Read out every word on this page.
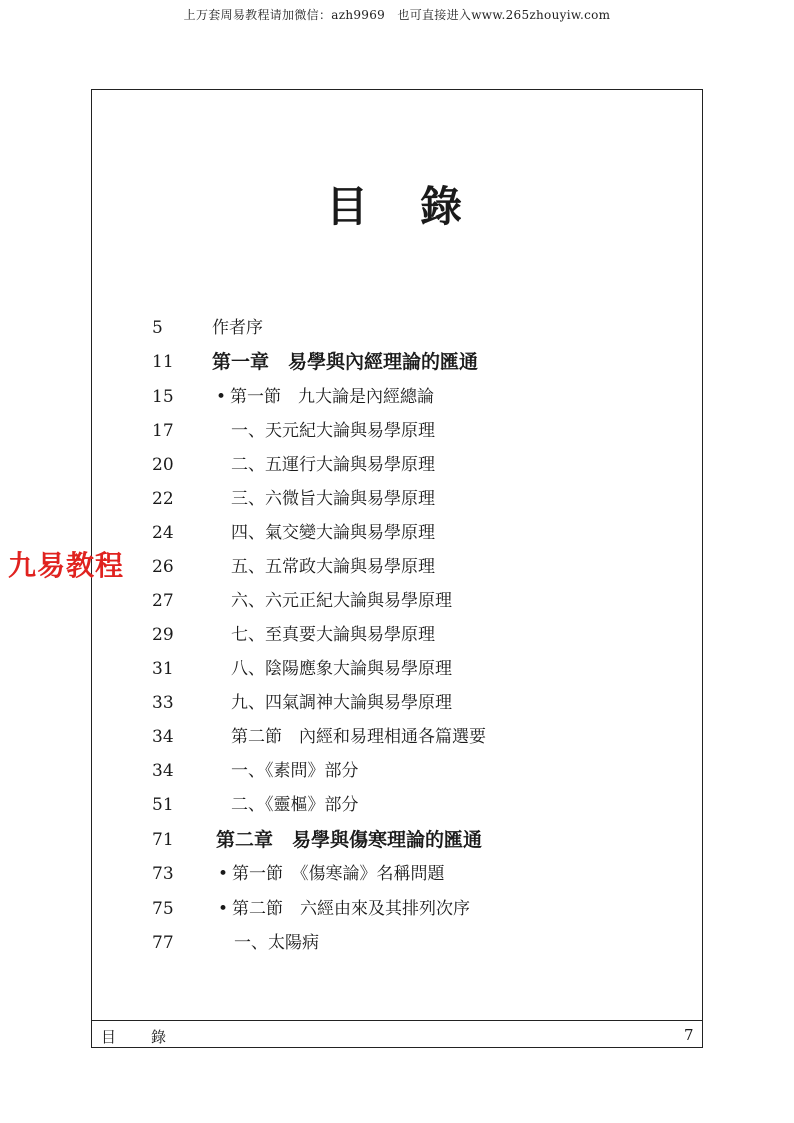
上万套周易教程请加微信：azh9969　也可直接进入www.265zhouyiw.com
目 錄
九易教程
5	作者序
11	第一章　易學與內經理論的匯通
15	• 第一節　九大論是內經總論
17	一、天元紀大論與易學原理
20	二、五運行大論與易學原理
22	三、六微旨大論與易學原理
24	四、氣交變大論與易學原理
26	五、五常政大論與易學原理
27	六、六元正紀大論與易學原理
29	七、至真要大論與易學原理
31	八、陰陽應象大論與易學原理
33	九、四氣調神大論與易學原理
34	第二節　內經和易理相通各篇選要
34	一、《素問》部分
51	二、《靈樞》部分
71	第二章　易學與傷寒理論的匯通
73	• 第一節　《傷寒論》名稱問題
75	• 第二節　六經由來及其排列次序
77	一、太陽病
目　錄	7
